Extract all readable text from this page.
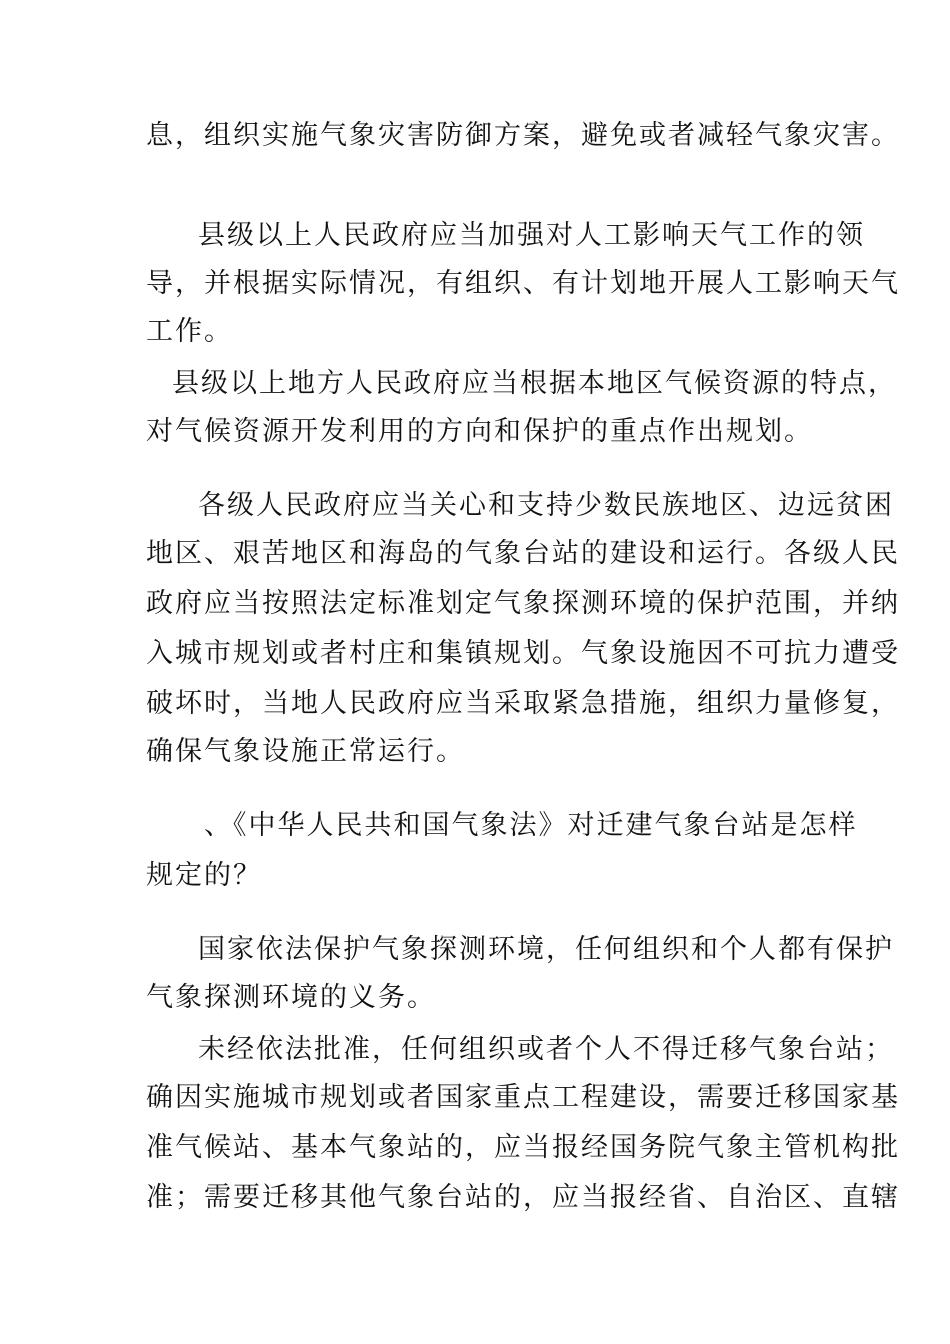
息，组织实施气象灾害防御方案，避免或者减轻气象灾害。
县级以上人民政府应当加强对人工影响天气工作的领
导，并根据实际情况，有组织、有计划地开展人工影响天气
工作。
县级以上地方人民政府应当根据本地区气候资源的特点，
对气候资源开发利用的方向和保护的重点作出规划。
各级人民政府应当关心和支持少数民族地区、边远贫困
地区、艰苦地区和海岛的气象台站的建设和运行。各级人民
政府应当按照法定标准划定气象探测环境的保护范围，并纳
入城市规划或者村庄和集镇规划。气象设施因不可抗力遭受
破坏时，当地人民政府应当采取紧急措施，组织力量修复，
确保气象设施正常运行。
、《中华人民共和国气象法》对迁建气象台站是怎样
规定的？
国家依法保护气象探测环境，任何组织和个人都有保护
气象探测环境的义务。
未经依法批准，任何组织或者个人不得迁移气象台站；
确因实施城市规划或者国家重点工程建设，需要迁移国家基
准气候站、基本气象站的，应当报经国务院气象主管机构批
准；需要迁移其他气象台站的，应当报经省、自治区、直辖
